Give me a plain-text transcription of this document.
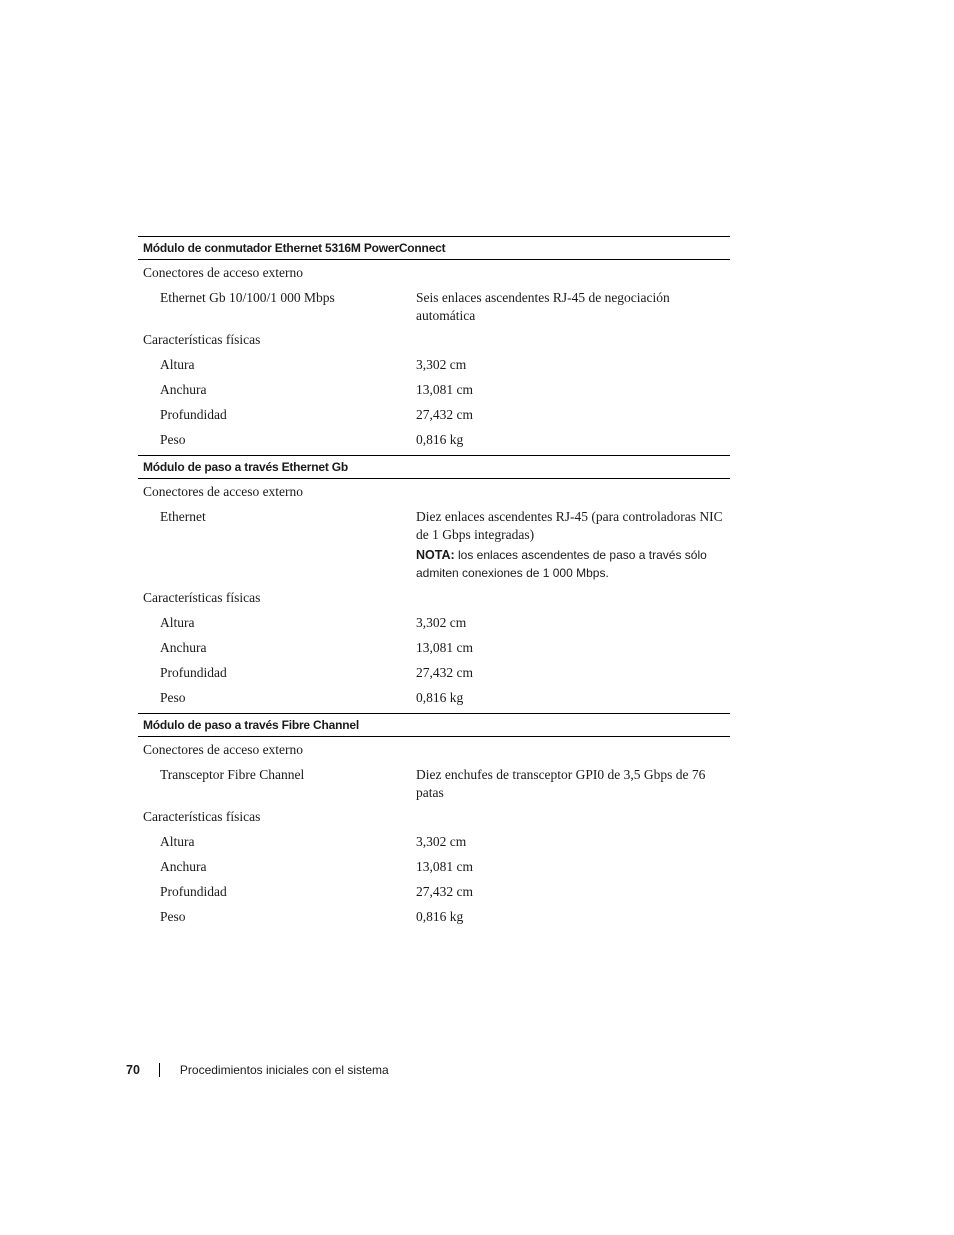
Módulo de conmutador Ethernet 5316M PowerConnect
Conectores de acceso externo
Ethernet Gb 10/100/1 000 Mbps	Seis enlaces ascendentes RJ-45 de negociación automática
Características físicas
Altura	3,302 cm
Anchura	13,081 cm
Profundidad	27,432 cm
Peso	0,816 kg
Módulo de paso a través Ethernet Gb
Conectores de acceso externo
Ethernet	Diez enlaces ascendentes RJ-45 (para controladoras NIC de 1 Gbps integradas)
NOTA: los enlaces ascendentes de paso a través sólo admiten conexiones de 1 000 Mbps.
Características físicas
Altura	3,302 cm
Anchura	13,081 cm
Profundidad	27,432 cm
Peso	0,816 kg
Módulo de paso a través Fibre Channel
Conectores de acceso externo
Transceptor Fibre Channel	Diez enchufes de transceptor GPI0 de 3,5 Gbps de 76 patas
Características físicas
Altura	3,302 cm
Anchura	13,081 cm
Profundidad	27,432 cm
Peso	0,816 kg
70	Procedimientos iniciales con el sistema
